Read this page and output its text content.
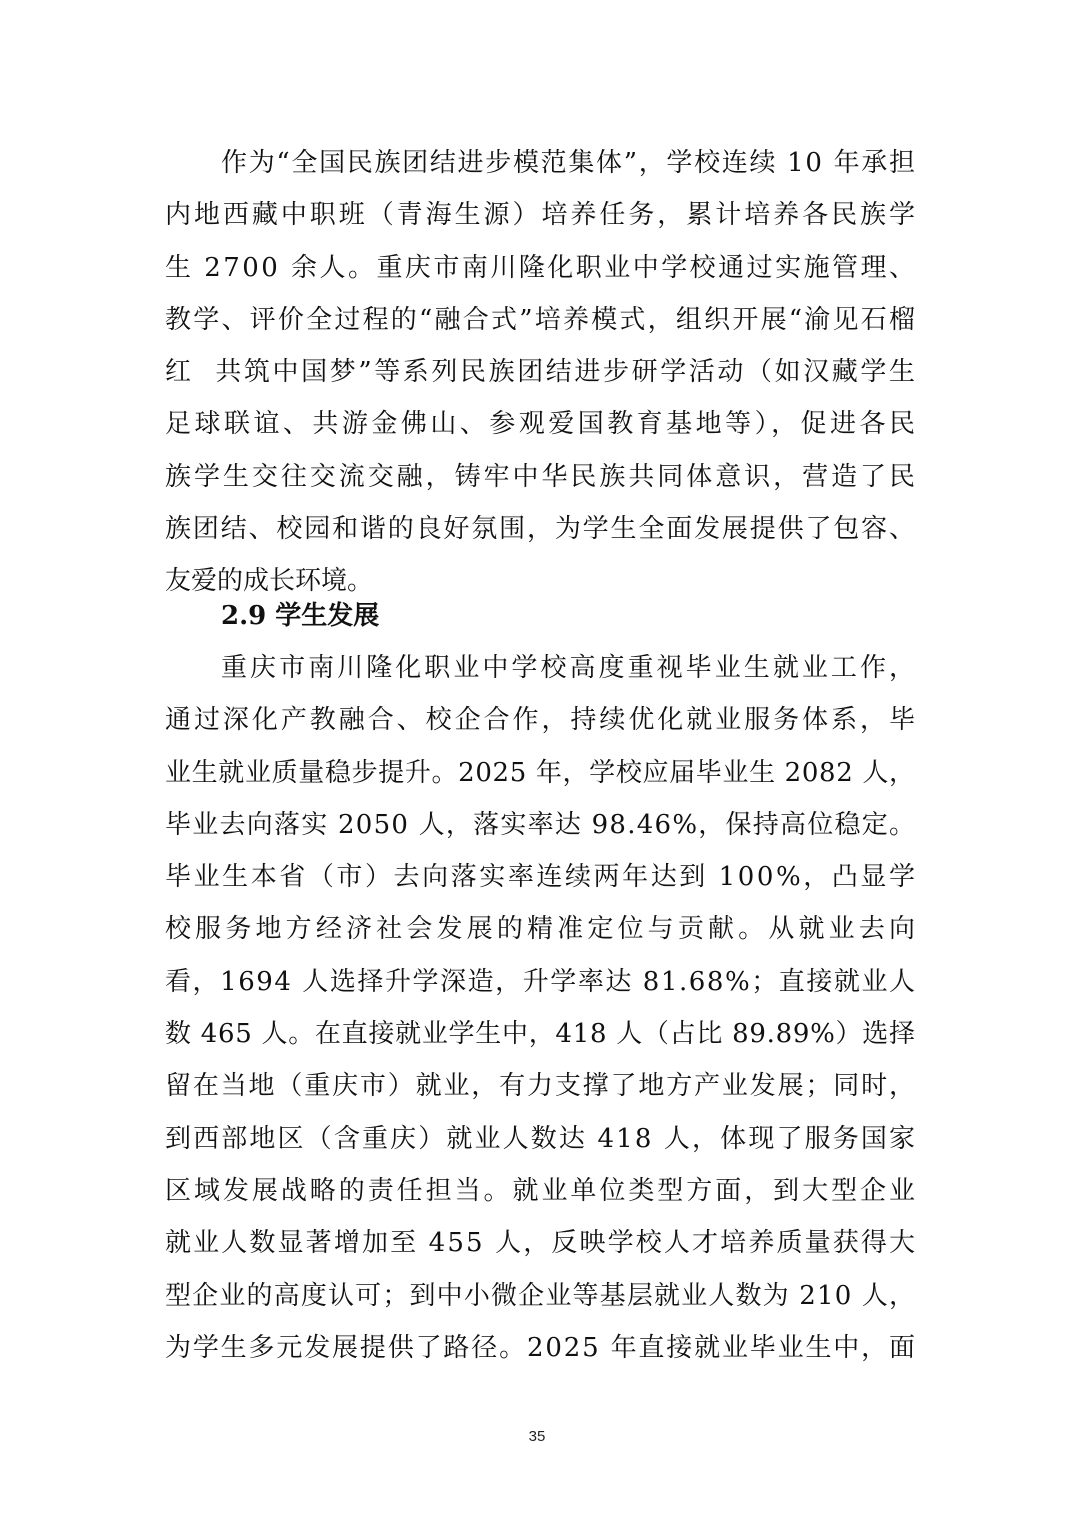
作为“全国民族团结进步模范集体”，学校连续 10 年承担
内地西藏中职班（青海生源）培养任务，累计培养各民族学
生 2700 余人。重庆市南川隆化职业中学校通过实施管理、
教学、评价全过程的“融合式”培养模式，组织开展“渝见石榴
红  共筑中国梦”等系列民族团结进步研学活动（如汉藏学生
足球联谊、共游金佛山、参观爱国教育基地等），促进各民
族学生交往交流交融，铸牢中华民族共同体意识，营造了民
族团结、校园和谐的良好氛围，为学生全面发展提供了包容、
友爱的成长环境。
2.9 学生发展
重庆市南川隆化职业中学校高度重视毕业生就业工作，
通过深化产教融合、校企合作，持续优化就业服务体系，毕
业生就业质量稳步提升。2025 年，学校应届毕业生 2082 人，
毕业去向落实 2050 人，落实率达 98.46%，保持高位稳定。
毕业生本省（市）去向落实率连续两年达到 100%，凸显学
校服务地方经济社会发展的精准定位与贡献。从就业去向
看，1694 人选择升学深造，升学率达 81.68%；直接就业人
数 465 人。在直接就业学生中，418 人（占比 89.89%）选择
留在当地（重庆市）就业，有力支撑了地方产业发展；同时，
到西部地区（含重庆）就业人数达 418 人，体现了服务国家
区域发展战略的责任担当。就业单位类型方面，到大型企业
就业人数显著增加至 455 人，反映学校人才培养质量获得大
型企业的高度认可；到中小微企业等基层就业人数为 210 人，
为学生多元发展提供了路径。2025 年直接就业毕业生中，面
35
